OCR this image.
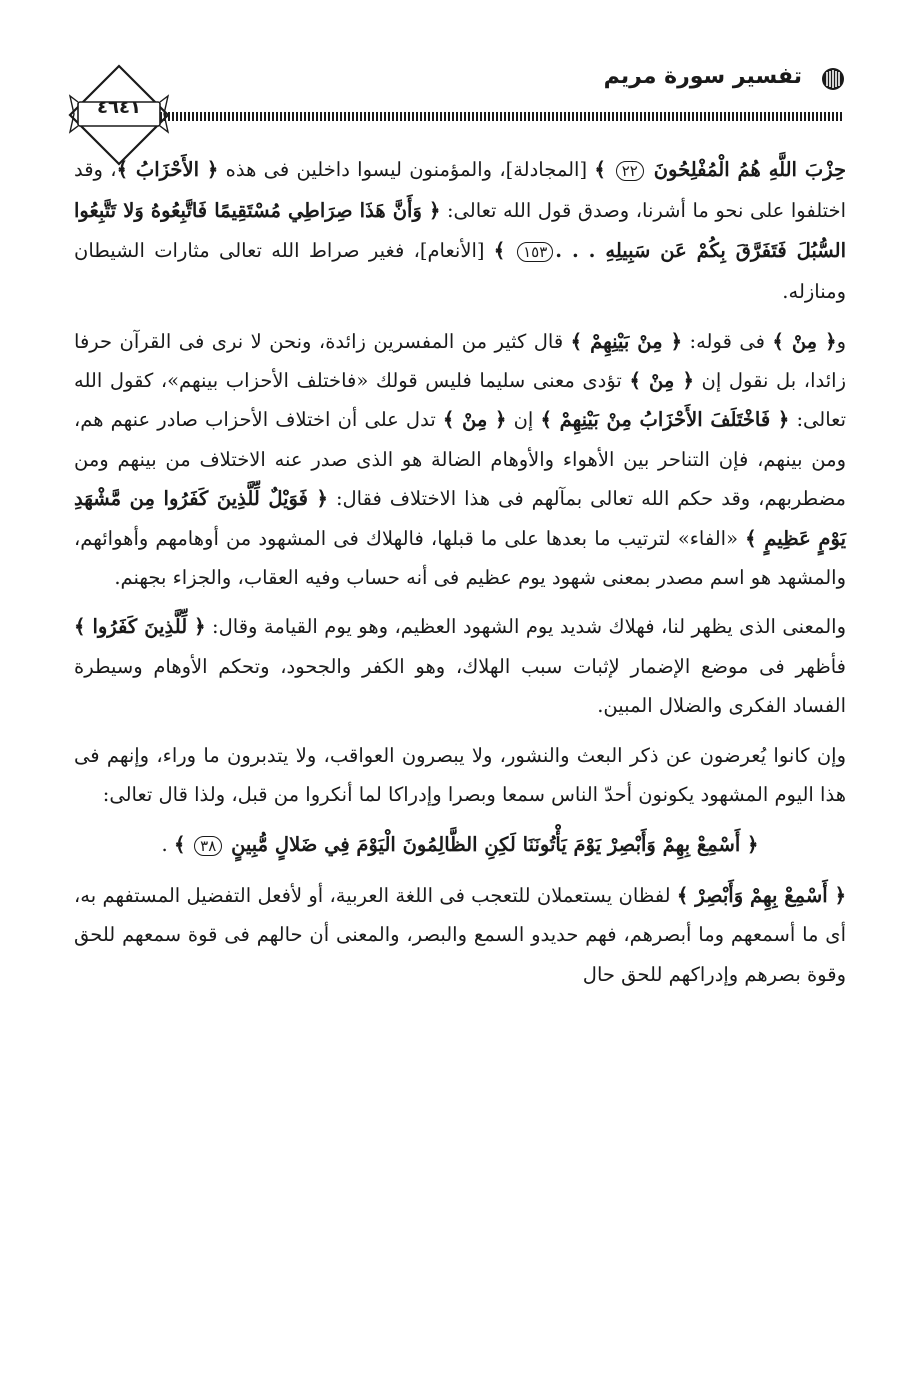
تفسير سورة مريم
٤٦٤١

حِزْبَ اللَّهِ هُمُ الْمُفْلِحُونَ ٢٢ ﴾ [المجادلة]، والمؤمنون ليسوا داخلين فى هذه ﴿ الأَحْزَابُ ﴾، وقد اختلفوا على نحو ما أشرنا، وصدق قول الله تعالى: ﴿ وَأَنَّ هَذَا صِرَاطِي مُسْتَقِيمًا فَاتَّبِعُوهُ وَلا تَتَّبِعُوا السُّبُلَ فَتَفَرَّقَ بِكُمْ عَن سَبِيلِهِ . . .١٥٣ ﴾ [الأنعام]، فغير صراط الله تعالى مثارات الشيطان ومنازله.

و﴿ مِنْ ﴾ فى قوله: ﴿ مِنْ بَيْنِهِمْ ﴾ قال كثير من المفسرين زائدة، ونحن لا نرى فى القرآن حرفا زائدا، بل نقول إن ﴿ مِنْ ﴾ تؤدى معنى سليما فليس قولك «فاختلف الأحزاب بينهم»، كقول الله تعالى: ﴿ فَاخْتَلَفَ الأَحْزَابُ مِنْ بَيْنِهِمْ ﴾ إن ﴿ مِنْ ﴾ تدل على أن اختلاف الأحزاب صادر عنهم هم، ومن بينهم، فإن التناحر بين الأهواء والأوهام الضالة هو الذى صدر عنه الاختلاف من بينهم ومن مضطربهم، وقد حكم الله تعالى بمآلهم فى هذا الاختلاف فقال: ﴿ فَوَيْلٌ لِّلَّذِينَ كَفَرُوا مِن مَّشْهَدِ يَوْمٍ عَظِيمٍ ﴾ «الفاء» لترتيب ما بعدها على ما قبلها، فالهلاك فى المشهود من أوهامهم وأهوائهم، والمشهد هو اسم مصدر بمعنى شهود يوم عظيم فى أنه حساب وفيه العقاب، والجزاء بجهنم.

والمعنى الذى يظهر لنا، فهلاك شديد يوم الشهود العظيم، وهو يوم القيامة وقال: ﴿ لِّلَّذِينَ كَفَرُوا ﴾ فأظهر فى موضع الإضمار لإثبات سبب الهلاك، وهو الكفر والجحود، وتحكم الأوهام وسيطرة الفساد الفكرى والضلال المبين.

وإن كانوا يُعرضون عن ذكر البعث والنشور، ولا يبصرون العواقب، ولا يتدبرون ما وراء، وإنهم فى هذا اليوم المشهود يكونون أحدّ الناس سمعا وبصرا وإدراكا لما أنكروا من قبل، ولذا قال تعالى:

﴿ أَسْمِعْ بِهِمْ وَأَبْصِرْ يَوْمَ يَأْتُونَنَا لَكِنِ الظَّالِمُونَ الْيَوْمَ فِي ضَلالٍ مُّبِينٍ ٣٨ ﴾ .

﴿ أَسْمِعْ بِهِمْ وَأَبْصِرْ ﴾ لفظان يستعملان للتعجب فى اللغة العربية، أو لأفعل التفضيل المستفهم به، أى ما أسمعهم وما أبصرهم، فهم حديدو السمع والبصر، والمعنى أن حالهم فى قوة سمعهم للحق وقوة بصرهم وإدراكهم للحق حال
